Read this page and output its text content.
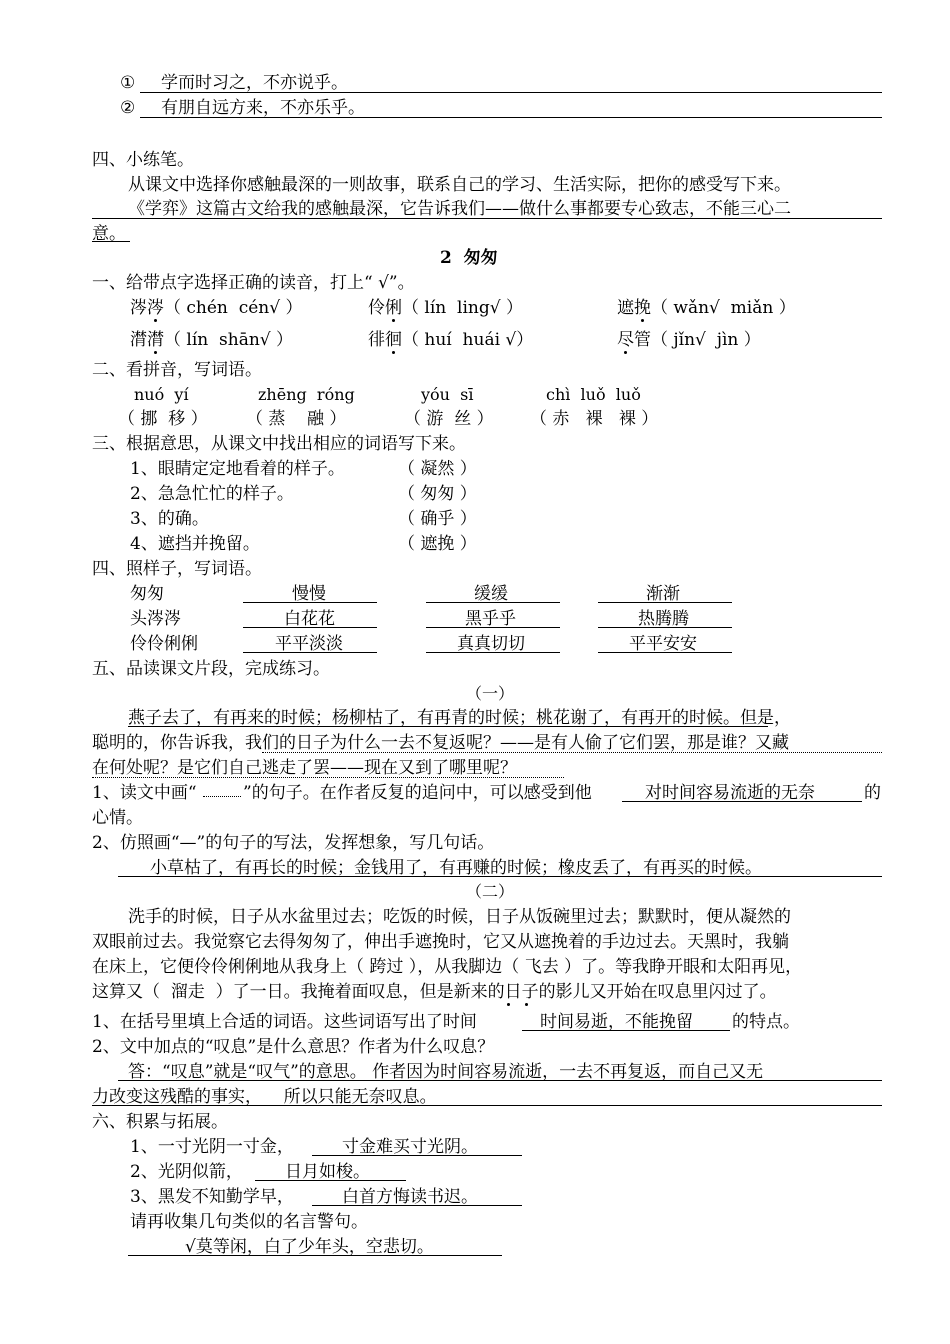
① 学而时习之，不亦说乎。
② 有朋自远方来，不亦乐乎。
四、小练笔。
从课文中选择你感触最深的一则故事，联系自己的学习、生活实际，把你的感受写下来。
《学弈》这篇古文给我的感触最深，它告诉我们——做什么事都要专心致志，不能三心二
意。
2  匆匆
一、给带点字选择正确的读音，打上“ √”。
涔涔（ chén  cén√ ）	伶俐（ lín  ling√ ）	遮挽（ wǎn√  miǎn ）
潸潸（ lín  shān√ ）	徘徊（ huí  huái √）	尽管（ jǐn√  jìn ）
二、看拼音，写词语。
nuó  yí	zhēng  róng	yóu  sī	chì  luǒ  luǒ
（ 挪  移 ） （ 蒸    融 ）	（ 游  丝 ） （ 赤   裸   裸 ）
三、根据意思，从课文中找出相应的词语写下来。
1、眼睛定定地看着的样子。	（ 凝然 ）
2、急急忙忙的样子。	（ 匆匆 ）
3、的确。	（ 确乎 ）
4、遮挡并挽留。	（ 遮挽 ）
四、照样子，写词语。
匆匆	慢慢	缓缓	渐渐
头涔涔	白花花	黑乎乎	热腾腾
伶伶俐俐	平平淡淡	真真切切	平平安安
五、品读课文片段，完成练习。
（一）
燕子去了，有再来的时候；杨柳枯了，有再青的时候；桃花谢了，有再开的时候。但是，
聪明的，你告诉我，我们的日子为什么一去不复返呢？——是有人偷了它们罢，那是谁？又藏
在何处呢？是它们自己逃走了罢——现在又到了哪里呢？
1、读文中画“	”的句子。在作者反复的追问中，可以感受到他	对时间容易流逝的无奈	的
心情。
2、仿照画“—”的句子的写法，发挥想象，写几句话。
小草枯了，有再长的时候；金钱用了，有再赚的时候；橡皮丢了，有再买的时候。
（二）
洗手的时候，日子从水盆里过去；吃饭的时候，日子从饭碗里过去；默默时，便从凝然的
双眼前过去。我觉察它去得匆匆了，伸出手遮挽时，它又从遮挽着的手边过去。天黑时，我躺
在床上，它便伶伶俐俐地从我身上（ 跨过 ），从我脚边（ 飞去 ）了。等我睁开眼和太阳再见，
这算又（  溜走  ）了一日。我掩着面叹息，但是新来的日子的影儿又开始在叹息里闪过了。
1、在括号里填上合适的词语。这些词语写出了时间	时间易逝，不能挽留 的特点。
2、文中加点的“叹息”是什么意思？作者为什么叹息？
答：“叹息”就是“叹气”的意思。 作者因为时间容易流逝，一去不再复返，而自己又无
力改变这残酷的事实，    所以只能无奈叹息。
六、积累与拓展。
1、一寸光阴一寸金，	寸金难买寸光阴。
2、光阴似箭， 日月如梭。
3、黑发不知勤学早，	白首方悔读书迟。
请再收集几句类似的名言警句。
√莫等闲，白了少年头，空悲切。
